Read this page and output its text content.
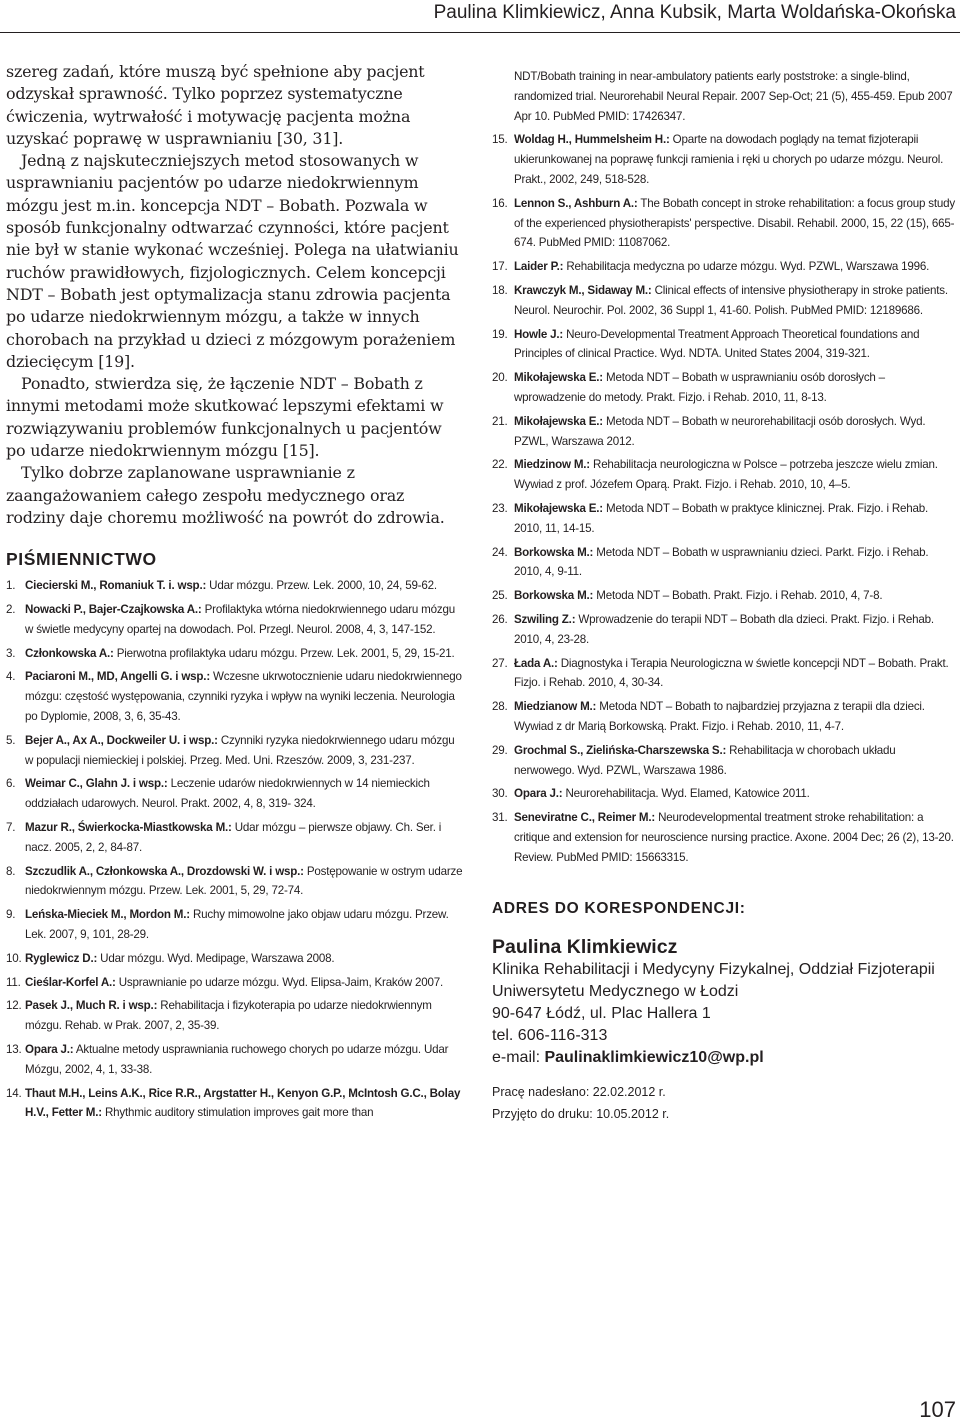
Paulina Klimkiewicz, Anna Kubsik, Marta Woldańska-Okońska

szereg zadań, które muszą być spełnione aby pacjent odzyskał sprawność. Tylko poprzez systematyczne ćwiczenia, wytrwałość i motywację pacjenta można uzyskać poprawę w usprawnianiu [30, 31].

Jedną z najskuteczniejszych metod stosowanych w usprawnianiu pacjentów po udarze niedokrwiennym mózgu jest m.in. koncepcja NDT – Bobath. Pozwala w sposób funkcjonalny odtwarzać czynności, które pacjent nie był w stanie wykonać wcześniej. Polega na ułatwianiu ruchów prawidłowych, fizjologicznych. Celem koncepcji NDT – Bobath jest optymalizacja stanu zdrowia pacjenta po udarze niedokrwiennym mózgu, a także w innych chorobach na przykład u dzieci z mózgowym porażeniem dziecięcym [19].

Ponadto, stwierdza się, że łączenie NDT – Bobath z innymi metodami może skutkować lepszymi efektami w rozwiązywaniu problemów funkcjonalnych u pacjentów po udarze niedokrwiennym mózgu [15].

Tylko dobrze zaplanowane usprawnianie z zaangażowaniem całego zespołu medycznego oraz rodziny daje choremu możliwość na powrót do zdrowia.

PIŚMIENNICTWO
1. Ciecierski M., Romaniuk T. i. wsp.: Udar mózgu. Przew. Lek. 2000, 10, 24, 59-62.
2. Nowacki P., Bajer-Czajkowska A.: Profilaktyka wtórna niedokrwiennego udaru mózgu w świetle medycyny opartej na dowodach. Pol. Przegl. Neurol. 2008, 4, 3, 147-152.
3. Członkowska A.: Pierwotna profilaktyka udaru mózgu. Przew. Lek. 2001, 5, 29, 15-21.
4. Paciaroni M., MD, Angelli G. i wsp.: Wczesne ukrwotocznienie udaru niedokrwiennego mózgu: częstość występowania, czynniki ryzyka i wpływ na wyniki leczenia. Neurologia po Dyplomie, 2008, 3, 6, 35-43.
5. Bejer A., Ax A., Dockweiler U. i wsp.: Czynniki ryzyka niedokrwiennego udaru mózgu w populacji niemieckiej i polskiej. Przeg. Med. Uni. Rzeszów. 2009, 3, 231-237.
6. Weimar C., Glahn J. i wsp.: Leczenie udarów niedokrwiennych w 14 niemieckich oddziałach udarowych. Neurol. Prakt. 2002, 4, 8, 319- 324.
7. Mazur R., Świerkocka-Miastkowska M.: Udar mózgu – pierwsze objawy. Ch. Ser. i nacz. 2005, 2, 2, 84-87.
8. Szczudlik A., Członkowska A., Drozdowski W. i wsp.: Postępowanie w ostrym udarze niedokrwiennym mózgu. Przew. Lek. 2001, 5, 29, 72-74.
9. Leńska-Mieciek M., Mordon M.: Ruchy mimowolne jako objaw udaru mózgu. Przew. Lek. 2007, 9, 101, 28-29.
10. Ryglewicz D.: Udar mózgu. Wyd. Medipage, Warszawa 2008.
11. Cieślar-Korfel A.: Usprawnianie po udarze mózgu. Wyd. Elipsa-Jaim, Kraków 2007.
12. Pasek J., Much R. i wsp.: Rehabilitacja i fizykoterapia po udarze niedokrwiennym mózgu. Rehab. w Prak. 2007, 2, 35-39.
13. Opara J.: Aktualne metody usprawniania ruchowego chorych po udarze mózgu. Udar Mózgu, 2002, 4, 1, 33-38.
14. Thaut M.H., Leins A.K., Rice R.R., Argstatter H., Kenyon G.P., McIntosh G.C., Bolay H.V., Fetter M.: Rhythmic auditory stimulation improves gait more than
NDT/Bobath training in near-ambulatory patients early poststroke: a single-blind, randomized trial. Neurorehabil Neural Repair. 2007 Sep-Oct; 21 (5), 455-459. Epub 2007 Apr 10. PubMed PMID: 17426347.
15. Woldag H., Hummelsheim H.: Oparte na dowodach poglądy na temat fizjoterapii ukierunkowanej na poprawę funkcji ramienia i ręki u chorych po udarze mózgu. Neurol. Prakt., 2002, 249, 518-528.
16. Lennon S., Ashburn A.: The Bobath concept in stroke rehabilitation: a focus group study of the experienced physiotherapists' perspective. Disabil. Rehabil. 2000, 15, 22 (15), 665-674. PubMed PMID: 11087062.
17. Laider P.: Rehabilitacja medyczna po udarze mózgu. Wyd. PZWL, Warszawa 1996.
18. Krawczyk M., Sidaway M.: Clinical effects of intensive physiotherapy in stroke patients. Neurol. Neurochir. Pol. 2002, 36 Suppl 1, 41-60. Polish. PubMed PMID: 12189686.
19. Howle J.: Neuro-Developmental Treatment Approach Theoretical foundations and Principles of clinical Practice. Wyd. NDTA. United States 2004, 319-321.
20. Mikołajewska E.: Metoda NDT – Bobath w usprawnianiu osób dorosłych – wprowadzenie do metody. Prakt. Fizjo. i Rehab. 2010, 11, 8-13.
21. Mikołajewska E.: Metoda NDT – Bobath w neurorehabilitacji osób dorosłych. Wyd. PZWL, Warszawa 2012.
22. Miedzinow M.: Rehabilitacja neurologiczna w Polsce – potrzeba jeszcze wielu zmian. Wywiad z prof. Józefem Oparą. Prakt. Fizjo. i Rehab. 2010, 10, 4–5.
23. Mikołajewska E.: Metoda NDT – Bobath w praktyce klinicznej. Prak. Fizjo. i Rehab. 2010, 11, 14-15.
24. Borkowska M.: Metoda NDT – Bobath w usprawnianiu dzieci. Parkt. Fizjo. i Rehab. 2010, 4, 9-11.
25. Borkowska M.: Metoda NDT – Bobath. Prakt. Fizjo. i Rehab. 2010, 4, 7-8.
26. Szwiling Z.: Wprowadzenie do terapii NDT – Bobath dla dzieci. Prakt. Fizjo. i Rehab. 2010, 4, 23-28.
27. Łada A.: Diagnostyka i Terapia Neurologiczna w świetle koncepcji NDT – Bobath. Prakt. Fizjo. i Rehab. 2010, 4, 30-34.
28. Miedzianow M.: Metoda NDT – Bobath to najbardziej przyjazna z terapii dla dzieci. Wywiad z dr Marią Borkowską. Prakt. Fizjo. i Rehab. 2010, 11, 4-7.
29. Grochmal S., Zielińska-Charszewska S.: Rehabilitacja w chorobach układu nerwowego. Wyd. PZWL, Warszawa 1986.
30. Opara J.: Neurorehabilitacja. Wyd. Elamed, Katowice 2011.
31. Seneviratne C., Reimer M.: Neurodevelopmental treatment stroke rehabilitation: a critique and extension for neuroscience nursing practice. Axone. 2004 Dec; 26 (2), 13-20. Review. PubMed PMID: 15663315.
ADRES DO KORESPONDENCJI:
Paulina Klimkiewicz
Klinika Rehabilitacji i Medycyny Fizykalnej, Oddział Fizjoterapii
Uniwersytetu Medycznego w Łodzi
90-647 Łódź, ul. Plac Hallera 1
tel. 606-116-313
e-mail: Paulinaklimkiewicz10@wp.pl
Pracę nadesłano: 22.02.2012 r.
Przyjęto do druku: 10.05.2012 r.
107
